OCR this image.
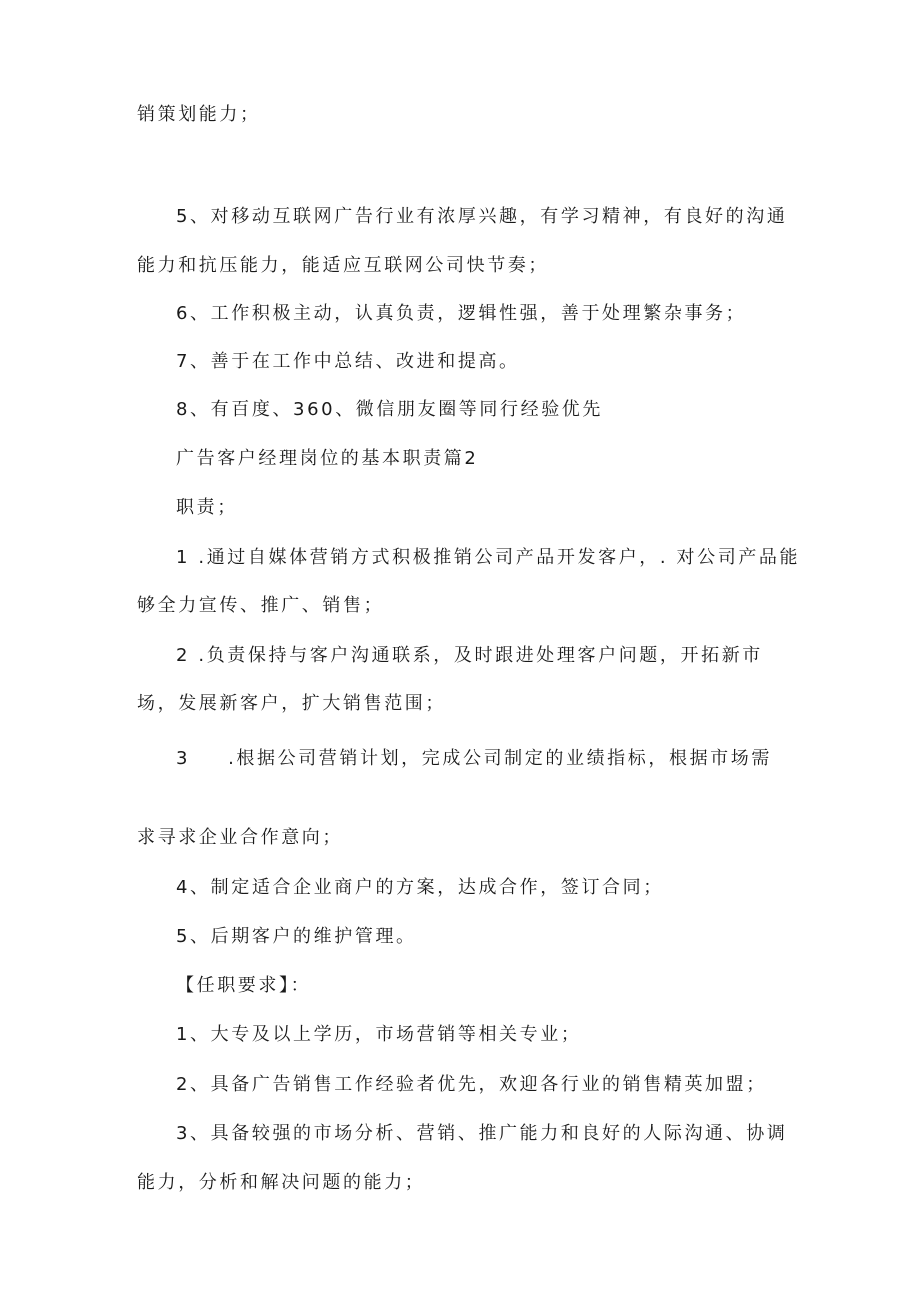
销策划能力；
5、对移动互联网广告行业有浓厚兴趣，有学习精神，有良好的沟通
能力和抗压能力，能适应互联网公司快节奏；
6、工作积极主动，认真负责，逻辑性强，善于处理繁杂事务；
7、善于在工作中总结、改进和提高。
8、有百度、360、微信朋友圈等同行经验优先
广告客户经理岗位的基本职责篇2
职责；
1 .通过自媒体营销方式积极推销公司产品开发客户，. 对公司产品能
够全力宣传、推广、销售；
2 .负责保持与客户沟通联系，及时跟进处理客户问题，开拓新市
场，发展新客户，扩大销售范围；
3 .根据公司营销计划，完成公司制定的业绩指标，根据市场需
求寻求企业合作意向；
4、制定适合企业商户的方案，达成合作，签订合同；
5、后期客户的维护管理。
【任职要求】：
1、大专及以上学历，市场营销等相关专业；
2、具备广告销售工作经验者优先，欢迎各行业的销售精英加盟；
3、具备较强的市场分析、营销、推广能力和良好的人际沟通、协调
能力，分析和解决问题的能力；
